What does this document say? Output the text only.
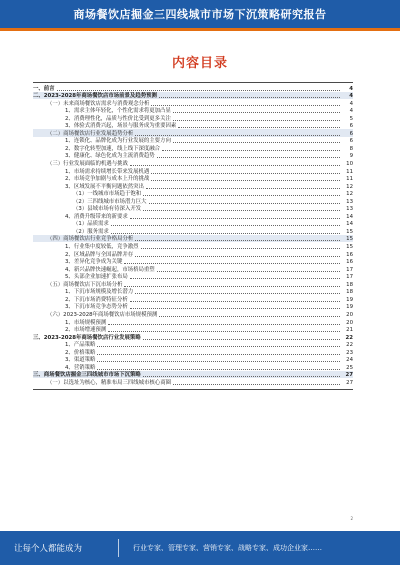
商场餐饮店掘金三四线城市市场下沉策略研究报告
内容目录
一、前言	4
二、2023-2028年商场餐饮店市场前景及趋势预测	4
（一）未来商场餐饮店需求与消费观念分析	4
1、需求主体年轻化，个性化需求将更加凸显	4
2、消费理性化，品质与性价比受到更多关注	5
3、体验式消费兴起，场景与服务成为重要因素	6
（二）商场餐饮店行业发展趋势分析	6
1、连锁化、品牌化成为行业发展的主要方向	6
2、数字化转型加速，线上线下深度融合	8
3、健康化、绿色化成为主流消费趋势	9
（三）行业发展面临的机遇与挑战	10
1、市场需求持续增长带来发展机遇	11
2、市场竞争加剧与成本上升的挑战	11
3、区域发展不平衡问题依然突出	12
（1）一线城市市场趋于饱和	12
（2）三四线城市市场潜力巨大	13
（3）县域市场有待深入开发	13
4、消费升级带来的新要求	14
（1）品质需求	14
（2）服务需求	15
（四）商场餐饮店行业竞争格局分析	15
1、行业集中度较低，竞争激烈	15
2、区域品牌与全国品牌并存	16
3、差异化竞争成为关键	16
4、新兴品牌快速崛起，市场格局重塑	17
5、头部企业加速扩张布局	17
（五）商场餐饮店下沉市场分析	18
1、下沉市场规模及增长潜力	18
2、下沉市场消费特征分析	19
3、下沉市场竞争态势分析	19
（六）2023-2028年商场餐饮店市场规模预测	20
1、市场规模预测	20
2、市场增速预测	21
三、2023-2028年商场餐饮店行业发展策略	22
1、产品策略	22
2、价格策略	23
3、渠道策略	24
4、营销策略	25
三、商场餐饮店掘金三四线城市市场下沉策略	27
（一）以选址为核心，精准布局三四线城市核心商圈	27
2
让每个人都能成为	行业专家、管理专家、营销专家、战略专家、成功企业家……
